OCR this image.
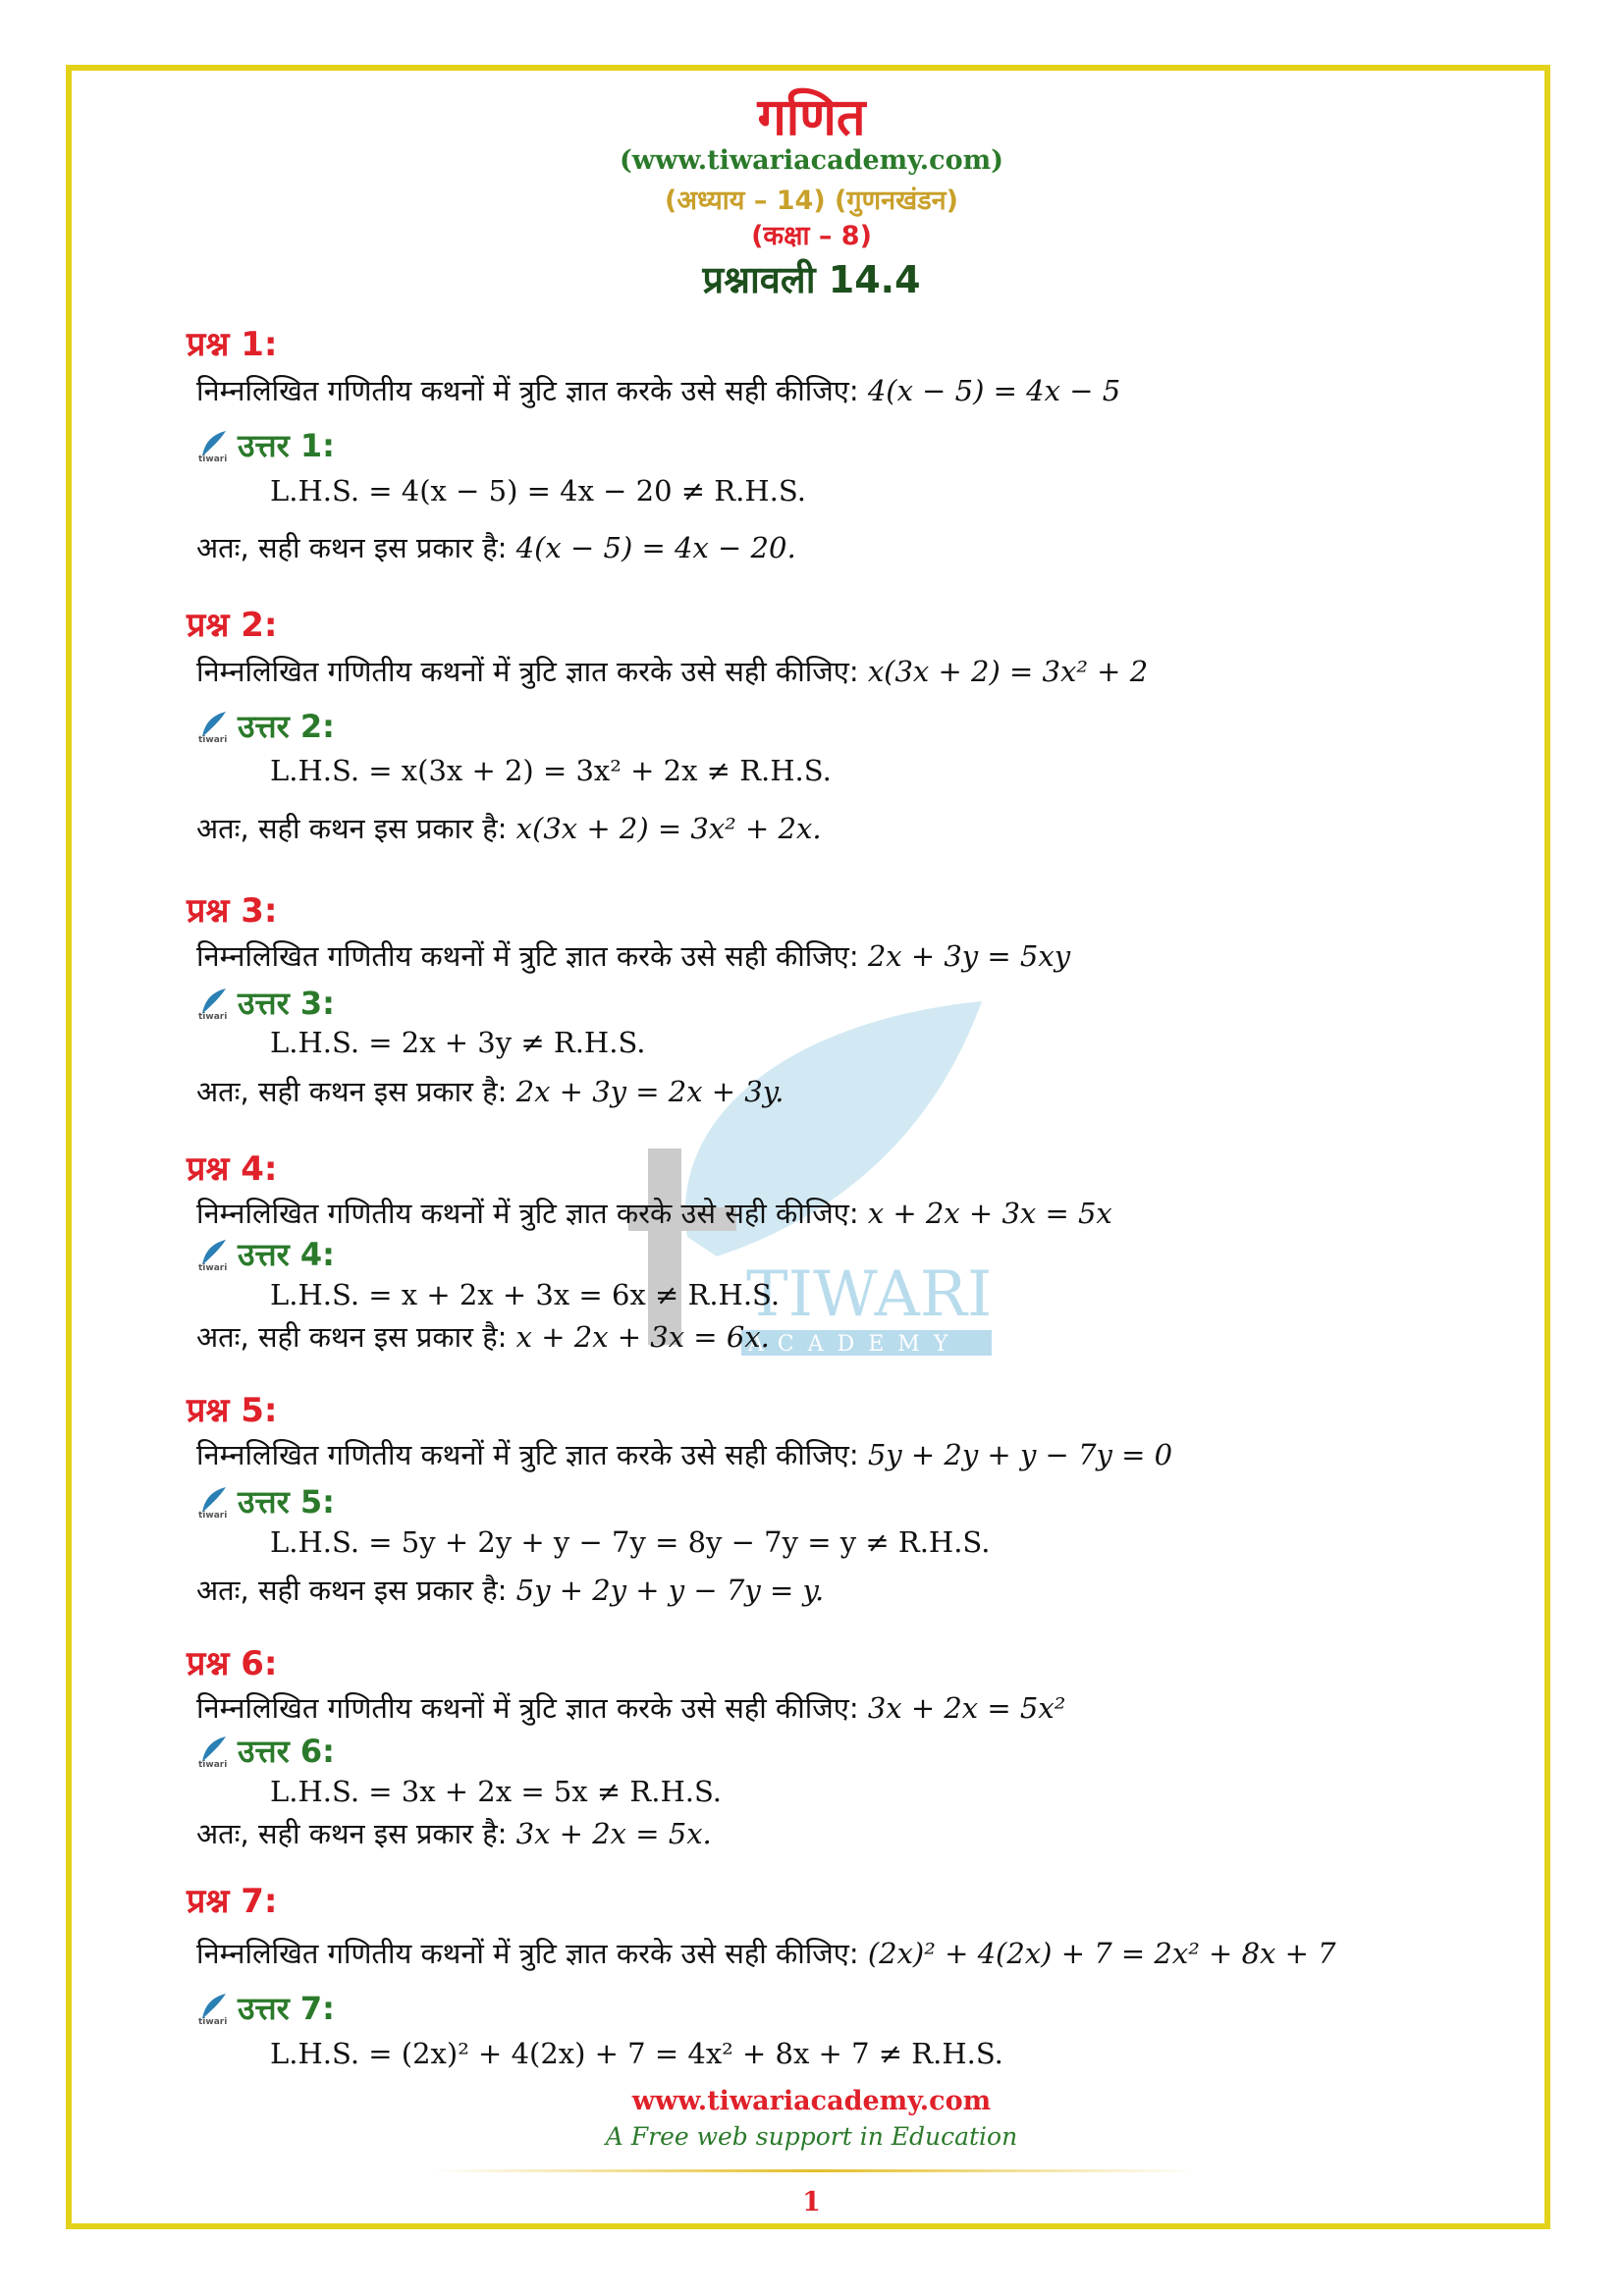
गणित
(www.tiwariacademy.com)
(अध्याय – 14) (गुणनखंडन)
(कक्षा – 8)
प्रश्नावली 14.4
TIWARI
ACADEMY
प्रश्न 1:
निम्नलिखित गणितीय कथनों में त्रुटि ज्ञात करके उसे सही कीजिए: 4(x − 5) = 4x − 5
tiwari उत्तर 1:
L.H.S. = 4(x − 5) = 4x − 20 ≠ R.H.S.
अतः, सही कथन इस प्रकार है: 4(x − 5) = 4x − 20.
प्रश्न 2:
निम्नलिखित गणितीय कथनों में त्रुटि ज्ञात करके उसे सही कीजिए: x(3x + 2) = 3x² + 2
tiwari उत्तर 2:
L.H.S. = x(3x + 2) = 3x² + 2x ≠ R.H.S.
अतः, सही कथन इस प्रकार है: x(3x + 2) = 3x² + 2x.
प्रश्न 3:
निम्नलिखित गणितीय कथनों में त्रुटि ज्ञात करके उसे सही कीजिए: 2x + 3y = 5xy
tiwari उत्तर 3:
L.H.S. = 2x + 3y ≠ R.H.S.
अतः, सही कथन इस प्रकार है: 2x + 3y = 2x + 3y.
प्रश्न 4:
निम्नलिखित गणितीय कथनों में त्रुटि ज्ञात करके उसे सही कीजिए: x + 2x + 3x = 5x
tiwari उत्तर 4:
L.H.S. = x + 2x + 3x = 6x ≠ R.H.S.
अतः, सही कथन इस प्रकार है: x + 2x + 3x = 6x.
प्रश्न 5:
निम्नलिखित गणितीय कथनों में त्रुटि ज्ञात करके उसे सही कीजिए: 5y + 2y + y − 7y = 0
tiwari उत्तर 5:
L.H.S. = 5y + 2y + y − 7y = 8y − 7y = y ≠ R.H.S.
अतः, सही कथन इस प्रकार है: 5y + 2y + y − 7y = y.
प्रश्न 6:
निम्नलिखित गणितीय कथनों में त्रुटि ज्ञात करके उसे सही कीजिए: 3x + 2x = 5x²
tiwari उत्तर 6:
L.H.S. = 3x + 2x = 5x ≠ R.H.S.
अतः, सही कथन इस प्रकार है: 3x + 2x = 5x.
प्रश्न 7:
निम्नलिखित गणितीय कथनों में त्रुटि ज्ञात करके उसे सही कीजिए: (2x)² + 4(2x) + 7 = 2x² + 8x + 7
tiwari उत्तर 7:
L.H.S. = (2x)² + 4(2x) + 7 = 4x² + 8x + 7 ≠ R.H.S.
www.tiwariacademy.com
A Free web support in Education
1
